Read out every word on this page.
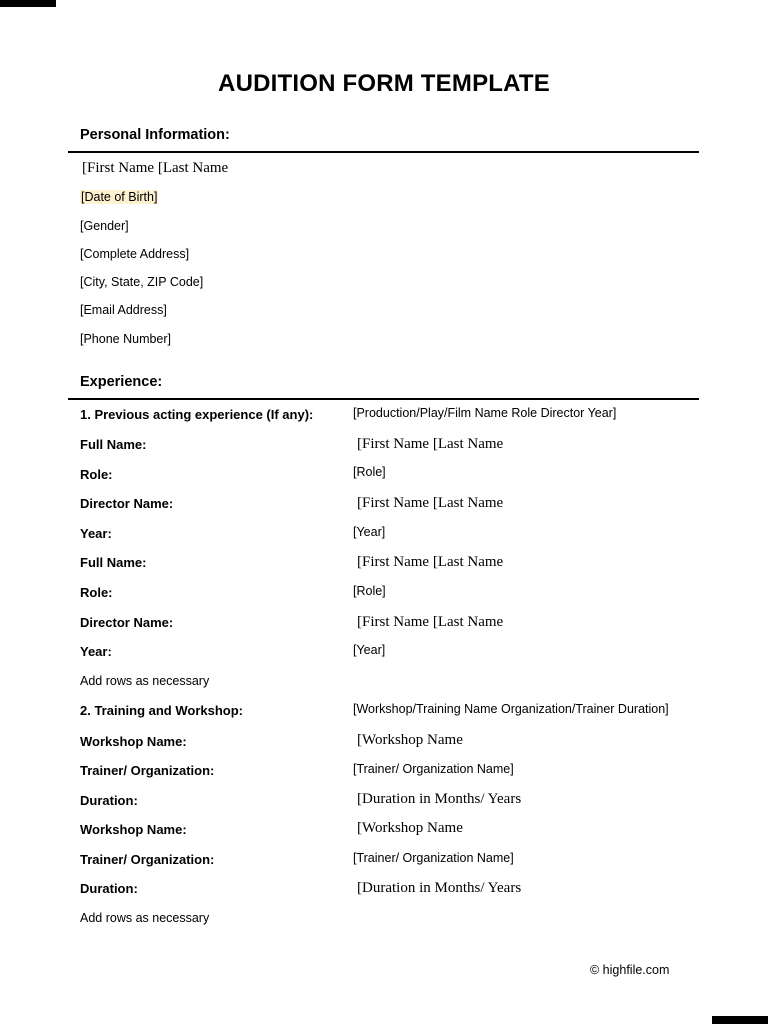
AUDITION FORM TEMPLATE
Personal Information:
[First Name [Last Name
[Date of Birth]
[Gender]
[Complete Address]
[City, State, ZIP Code]
[Email Address]
[Phone Number]
Experience:
1. Previous acting experience (If any):	[Production/Play/Film Name Role Director Year]
Full Name:	[First Name [Last Name
Role:	[Role]
Director Name:	[First Name [Last Name
Year:	[Year]
Full Name:	[First Name [Last Name
Role:	[Role]
Director Name:	[First Name [Last Name
Year:	[Year]
Add rows as necessary
2. Training and Workshop:	[Workshop/Training Name Organization/Trainer Duration]
Workshop Name:	[Workshop Name
Trainer/ Organization:	[Trainer/ Organization Name]
Duration:	[Duration in Months/ Years
Workshop Name:	[Workshop Name
Trainer/ Organization:	[Trainer/ Organization Name]
Duration:	[Duration in Months/ Years
Add rows as necessary
© highfile.com
